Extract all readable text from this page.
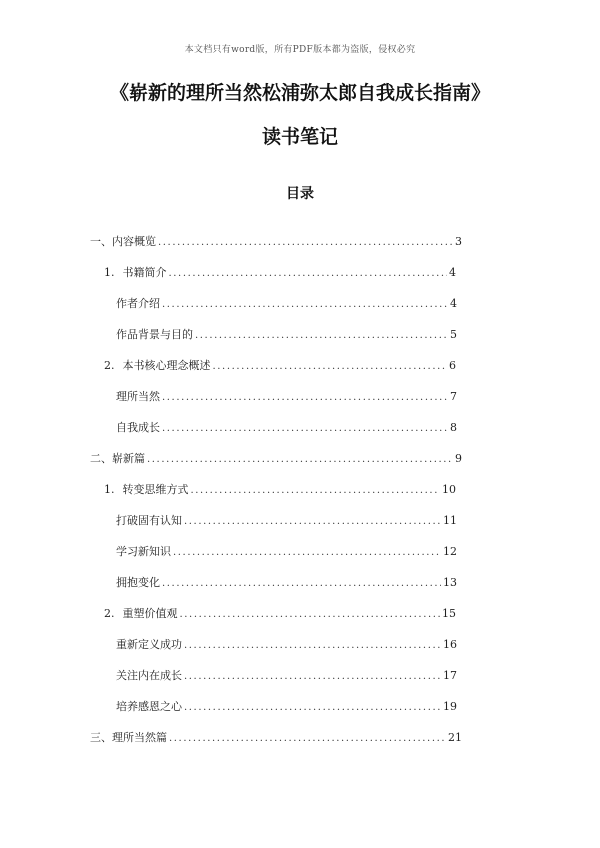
本文档只有word版，所有PDF版本都为盗版，侵权必究
《崭新的理所当然松浦弥太郎自我成长指南》
读书笔记
目录
一、内容概览 .....	3
1. 书籍简介 .....	4
作者介绍 .....	4
作品背景与目的 .....	5
2. 本书核心理念概述 .....	6
理所当然 .....	7
自我成长 .....	8
二、崭新篇 .....	9
1. 转变思维方式 .....	10
打破固有认知 .....	11
学习新知识 .....	12
拥抱变化 .....	13
2. 重塑价值观 .....	15
重新定义成功 .....	16
关注内在成长 .....	17
培养感恩之心 .....	19
三、理所当然篇 .....	21
